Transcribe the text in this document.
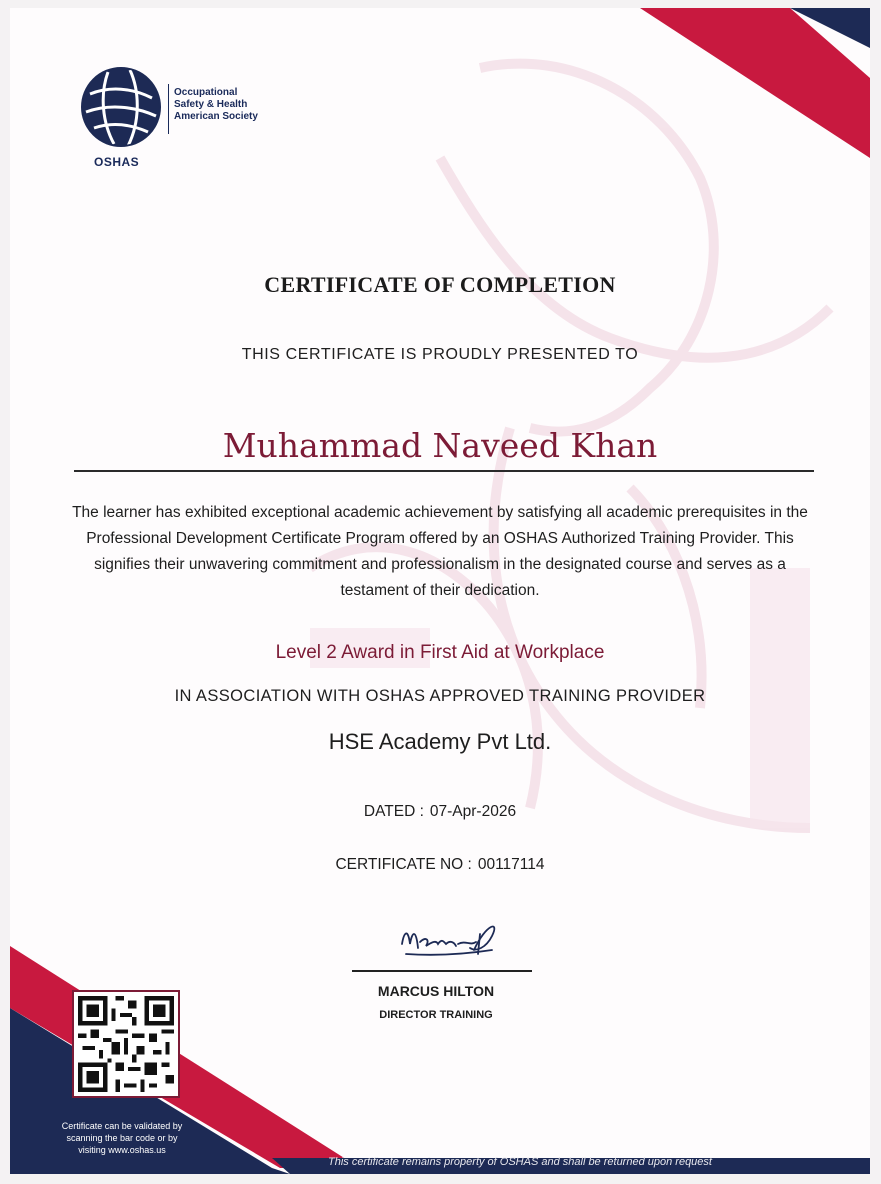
Occupational
Safety & Health
American Society
OSHAS
CERTIFICATE OF COMPLETION
THIS CERTIFICATE IS PROUDLY PRESENTED TO
Muhammad Naveed Khan
The learner has exhibited exceptional academic achievement by satisfying all academic prerequisites in the Professional Development Certificate Program offered by an OSHAS Authorized Training Provider. This signifies their unwavering commitment and professionalism in the designated course and serves as a testament of their dedication.
Level 2 Award in First Aid at Workplace
IN ASSOCIATION WITH OSHAS APPROVED TRAINING PROVIDER
HSE Academy Pvt Ltd.
DATED : 07-Apr-2026
CERTIFICATE NO : 00117114
MARCUS HILTON
DIRECTOR TRAINING
Certificate can be validated by scanning the bar code or by visiting www.oshas.us
This certificate remains property of OSHAS and shall be returned upon request
